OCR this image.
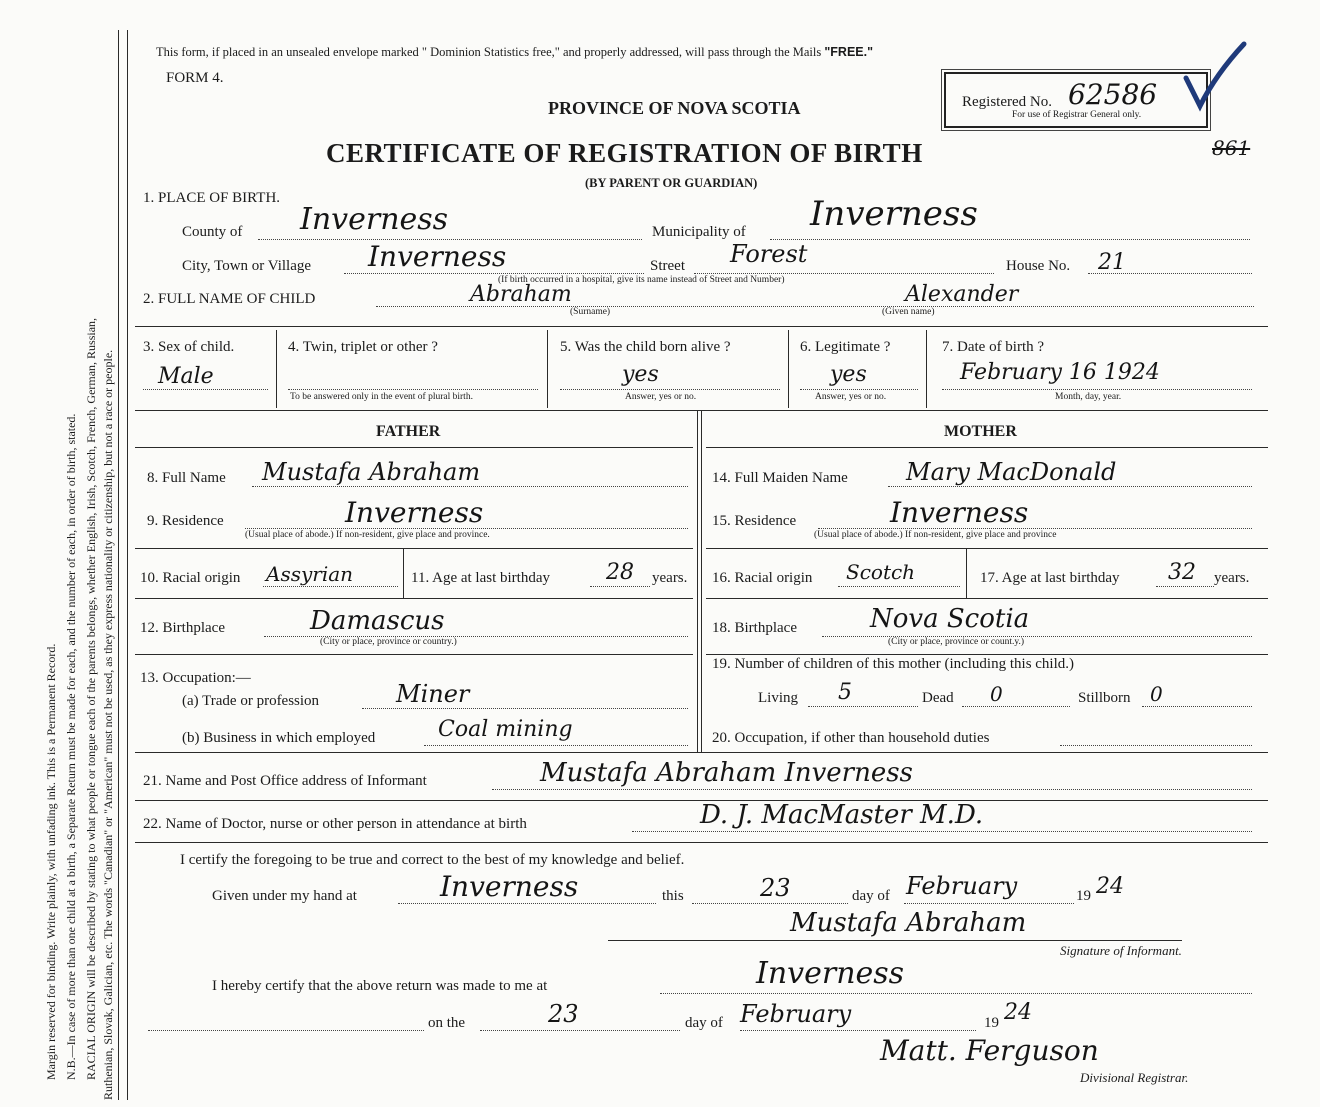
Margin reserved for binding. Write plainly, with unfading ink. This is a Permanent Record. N.B.—In case of more than one child at a birth, a Separate Return must be made for each, and the number of each, in order of birth, stated. RACIAL ORIGIN will be described by stating to what people or tongue each of the parents belongs, whether English, Irish, Scotch, French, German, Russian, Ruthenian, Slovak, Galician, etc. The words "Canadian" or "American" must not be used, as they express nationality or citizenship, but not a race or people.
This form, if placed in an unsealed envelope marked " Dominion Statistics free," and properly addressed, will pass through the Mails "FREE."
FORM 4.
PROVINCE OF NOVA SCOTIA
CERTIFICATE OF REGISTRATION OF BIRTH
(BY PARENT OR GUARDIAN)
Registered No. 62586
For use of Registrar General only.
861
1. PLACE OF BIRTH.
County of Inverness	Municipality of Inverness
City, Town or Village Inverness	Street Forest	House No. 21
(If birth occurred in a hospital, give its name instead of Street and Number)
2. FULL NAME OF CHILD	Abraham	Alexander
(Surname)	(Given name)
3. Sex of child.
Male
4. Twin, triplet or other ?
To be answered only in the event of plural birth.
5. Was the child born alive ?
yes
Answer, yes or no.
6. Legitimate ?
yes
Answer, yes or no.
7. Date of birth ?
February 16 1924
Month, day, year.
FATHER	MOTHER
8. Full Name Mustafa Abraham
9. Residence	Inverness
(Usual place of abode.) If non-resident, give place and province.
10. Racial origin Assyrian	11. Age at last birthday	28 years.
12. Birthplace	Damascus
(City or place, province or country.)
13. Occupation:—
(a) Trade or profession	Miner
(b) Business in which employed	Coal mining
14. Full Maiden Name Mary MacDonald
15. Residence	Inverness
(Usual place of abode.) If non-resident, give place and province
16. Racial origin Scotch	17. Age at last birthday 32 years.
18. Birthplace	Nova Scotia
(City or place, province or count.y.)
19. Number of children of this mother (including this child.)
Living 5	Dead 0	Stillborn 0
20. Occupation, if other than household duties
21. Name and Post Office address of Informant	Mustafa Abraham Inverness
22. Name of Doctor, nurse or other person in attendance at birth	D. J. MacMaster M.D.
I certify the foregoing to be true and correct to the best of my knowledge and belief.
Given under my hand at	Inverness	this	23	day of February	19 24
Mustafa Abraham
Signature of Informant.
I hereby certify that the above return was made to me at	Inverness
on the	23	day of February	19 24
Matt. Ferguson
Divisional Registrar.
